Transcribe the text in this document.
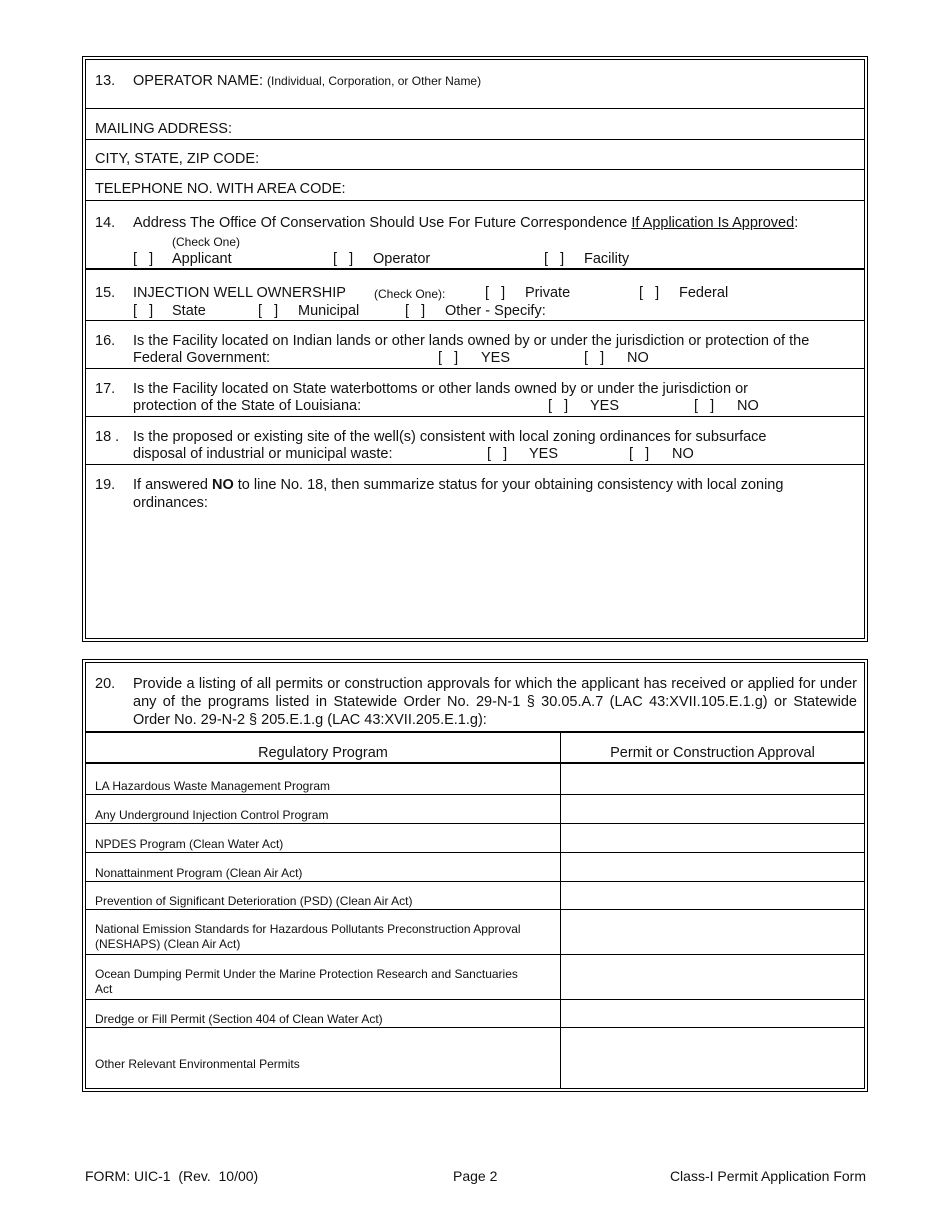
13. OPERATOR NAME: (Individual, Corporation, or Other Name)
MAILING ADDRESS:
CITY, STATE, ZIP CODE:
TELEPHONE NO. WITH AREA CODE:
14. Address The Office Of Conservation Should Use For Future Correspondence If Application Is Approved:
(Check One)
[   ] Applicant	[   ] Operator	[   ] Facility
15. INJECTION WELL OWNERSHIP (Check One):	[   ] Private	[   ] Federal
[   ] State	[   ] Municipal	[   ] Other - Specify:
16. Is the Facility located on Indian lands or other lands owned by or under the jurisdiction or protection of the
Federal Government:	[   ] YES	[   ] NO
17. Is the Facility located on State waterbottoms or other lands owned by or under the jurisdiction or
protection of the State of Louisiana:	[   ] YES	[   ] NO
18 . Is the proposed or existing site of the well(s) consistent with local zoning ordinances for subsurface
disposal of industrial or municipal waste:	[   ] YES	[   ] NO
19. If answered NO to line No. 18, then summarize status for your obtaining consistency with local zoning
ordinances:
20. Provide a listing of all permits or construction approvals for which the applicant has received or applied for under any of the programs listed in Statewide Order No. 29-N-1 § 30.05.A.7 (LAC 43:XVII.105.E.1.g) or Statewide Order No. 29-N-2 § 205.E.1.g (LAC 43:XVII.205.E.1.g):
Regulatory Program	Permit or Construction Approval
LA Hazardous Waste Management Program
Any Underground Injection Control Program
NPDES Program (Clean Water Act)
Nonattainment Program (Clean Air Act)
Prevention of Significant Deterioration (PSD) (Clean Air Act)
National Emission Standards for Hazardous Pollutants Preconstruction Approval (NESHAPS) (Clean Air Act)
Ocean Dumping Permit Under the Marine Protection Research and Sanctuaries Act
Dredge or Fill Permit (Section 404 of Clean Water Act)
Other Relevant Environmental Permits
FORM: UIC-1  (Rev.  10/00)	Page 2	Class-I Permit Application Form
